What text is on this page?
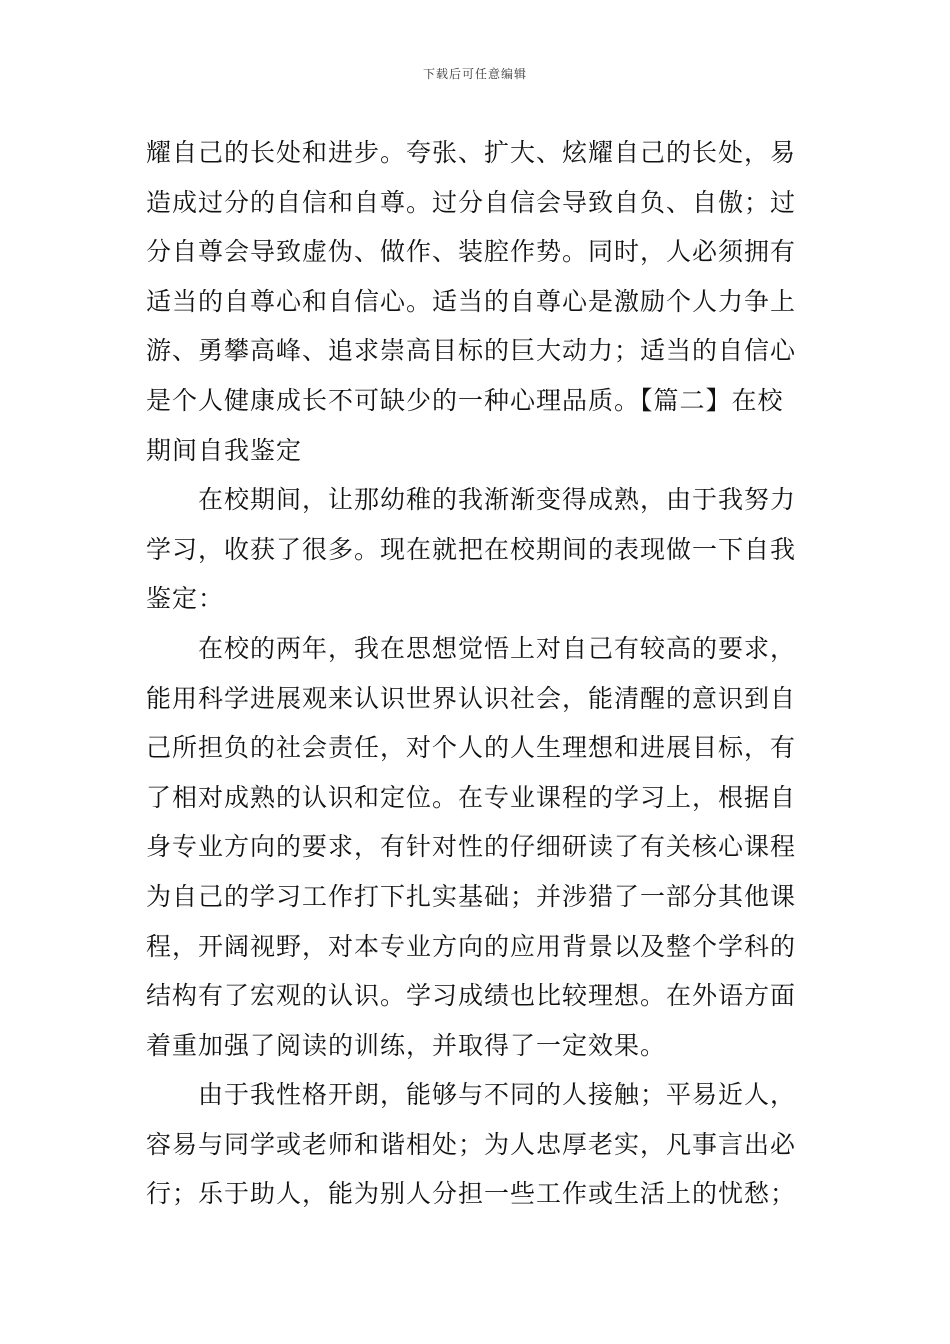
下载后可任意编辑
耀自己的长处和进步。夸张、扩大、炫耀自己的长处，易
造成过分的自信和自尊。过分自信会导致自负、自傲；过
分自尊会导致虚伪、做作、装腔作势。同时，人必须拥有
适当的自尊心和自信心。适当的自尊心是激励个人力争上
游、勇攀高峰、追求崇高目标的巨大动力；适当的自信心
是个人健康成长不可缺少的一种心理品质。【篇二】在校
期间自我鉴定
在校期间，让那幼稚的我渐渐变得成熟，由于我努力
学习，收获了很多。现在就把在校期间的表现做一下自我
鉴定：
在校的两年，我在思想觉悟上对自己有较高的要求，
能用科学进展观来认识世界认识社会，能清醒的意识到自
己所担负的社会责任，对个人的人生理想和进展目标，有
了相对成熟的认识和定位。在专业课程的学习上，根据自
身专业方向的要求，有针对性的仔细研读了有关核心课程
为自己的学习工作打下扎实基础；并涉猎了一部分其他课
程，开阔视野，对本专业方向的应用背景以及整个学科的
结构有了宏观的认识。学习成绩也比较理想。在外语方面
着重加强了阅读的训练，并取得了一定效果。
由于我性格开朗，能够与不同的人接触；平易近人，
容易与同学或老师和谐相处；为人忠厚老实，凡事言出必
行；乐于助人，能为别人分担一些工作或生活上的忧愁；
